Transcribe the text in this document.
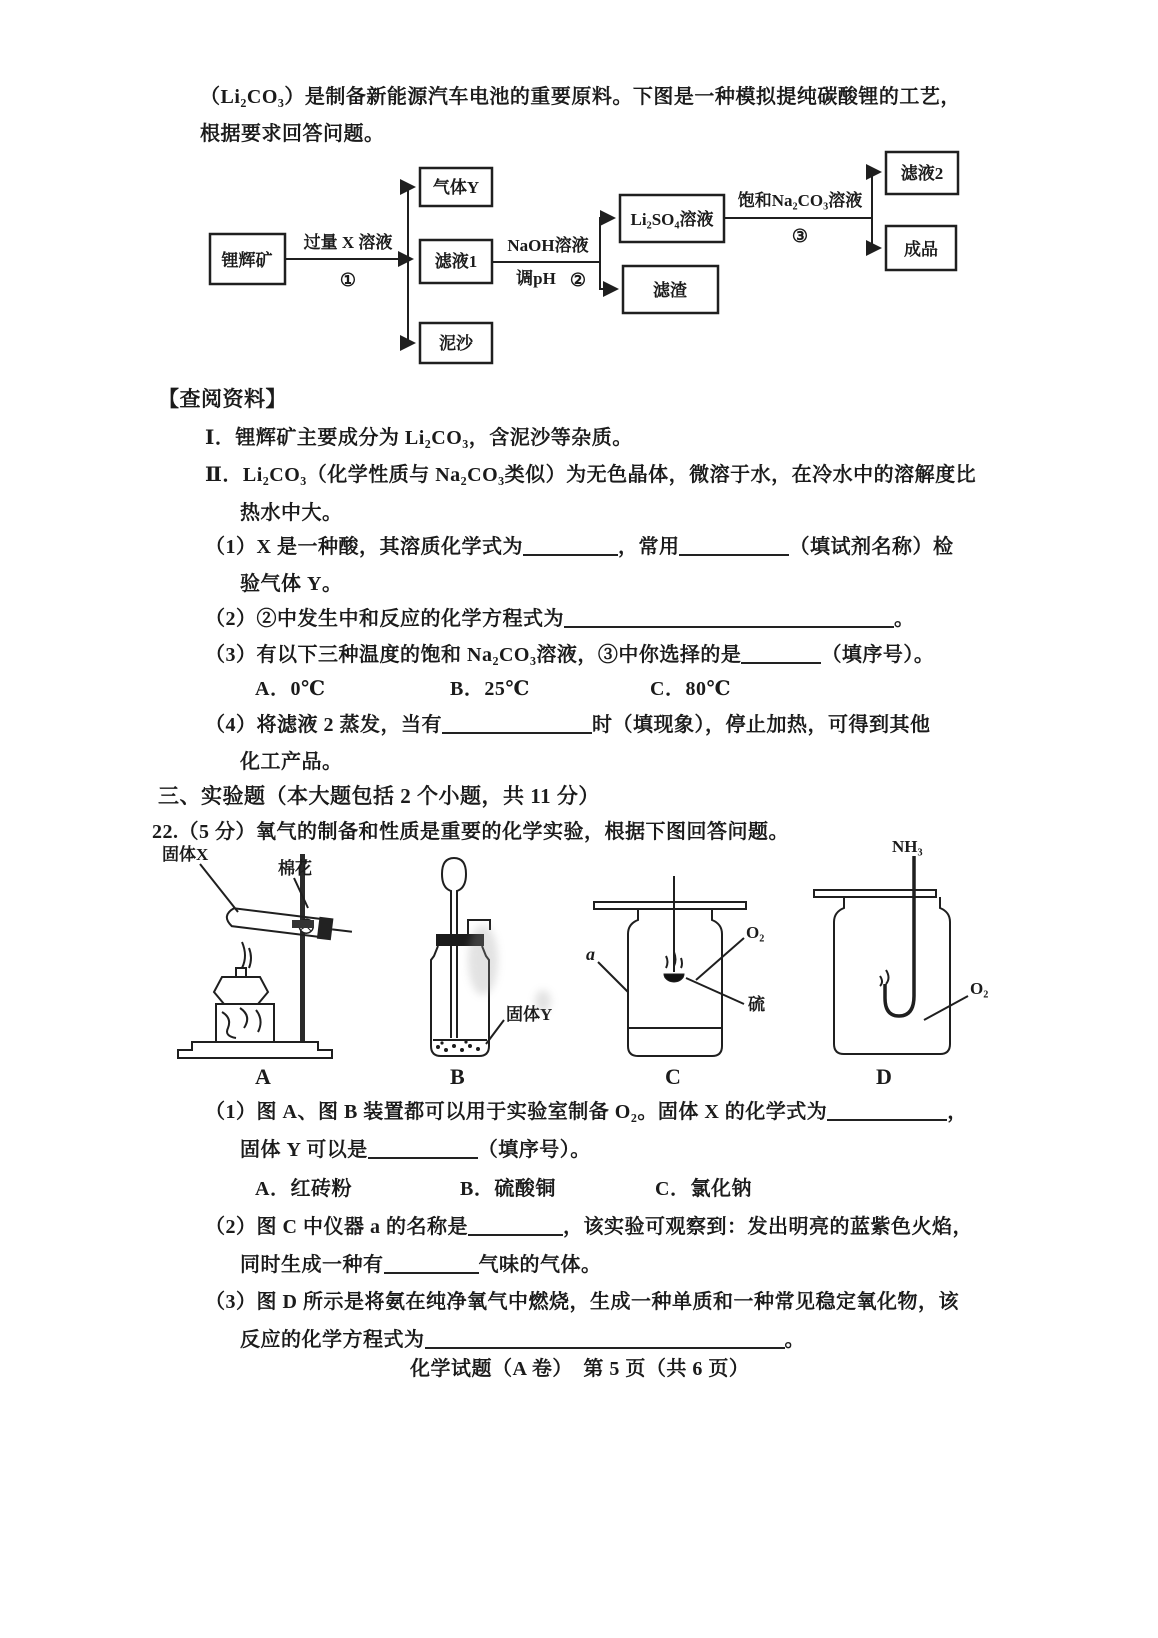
（Li₂CO₃）是制备新能源汽车电池的重要原料。下图是一种模拟提纯碳酸锂的工艺，
根据要求回答问题。
过量 X 溶液
①
NaOH溶液
调pH ②
饱和Na₂CO₃溶液
③
锂辉矿
气体Y
滤液1
泥沙
Li₂SO₄溶液
滤渣
滤液2
成品
【查阅资料】
Ⅰ．锂辉矿主要成分为 Li₂CO₃，含泥沙等杂质。
Ⅱ．Li₂CO₃（化学性质与 Na₂CO₃类似）为无色晶体，微溶于水，在冷水中的溶解度比
热水中大。
（1）X 是一种酸，其溶质化学式为	，常用	（填试剂名称）检
验气体 Y。
（2）②中发生中和反应的化学方程式为	。
（3）有以下三种温度的饱和 Na₂CO₃溶液，③中你选择的是	（填序号）。
A．0℃	B．25℃	C．80℃
（4）将滤液 2 蒸发，当有	时（填现象），停止加热，可得到其他
化工产品。
三、实验题（本大题包括 2 个小题，共 11 分）
22.（5 分）氧气的制备和性质是重要的化学实验，根据下图回答问题。
固体X
棉花
固体Y
a
O₂
硫
NH₃
O₂
A	B	C	D
（1）图 A、图 B 装置都可以用于实验室制备 O₂。固体 X 的化学式为	，
固体 Y 可以是	（填序号）。
A．红砖粉	B．硫酸铜	C．氯化钠
（2）图 C 中仪器 a 的名称是	，该实验可观察到：发出明亮的蓝紫色火焰，
同时生成一种有	气味的气体。
（3）图 D 所示是将氨在纯净氧气中燃烧，生成一种单质和一种常见稳定氧化物，该
反应的化学方程式为	。
化学试题（A 卷）　第 5 页（共 6 页）
